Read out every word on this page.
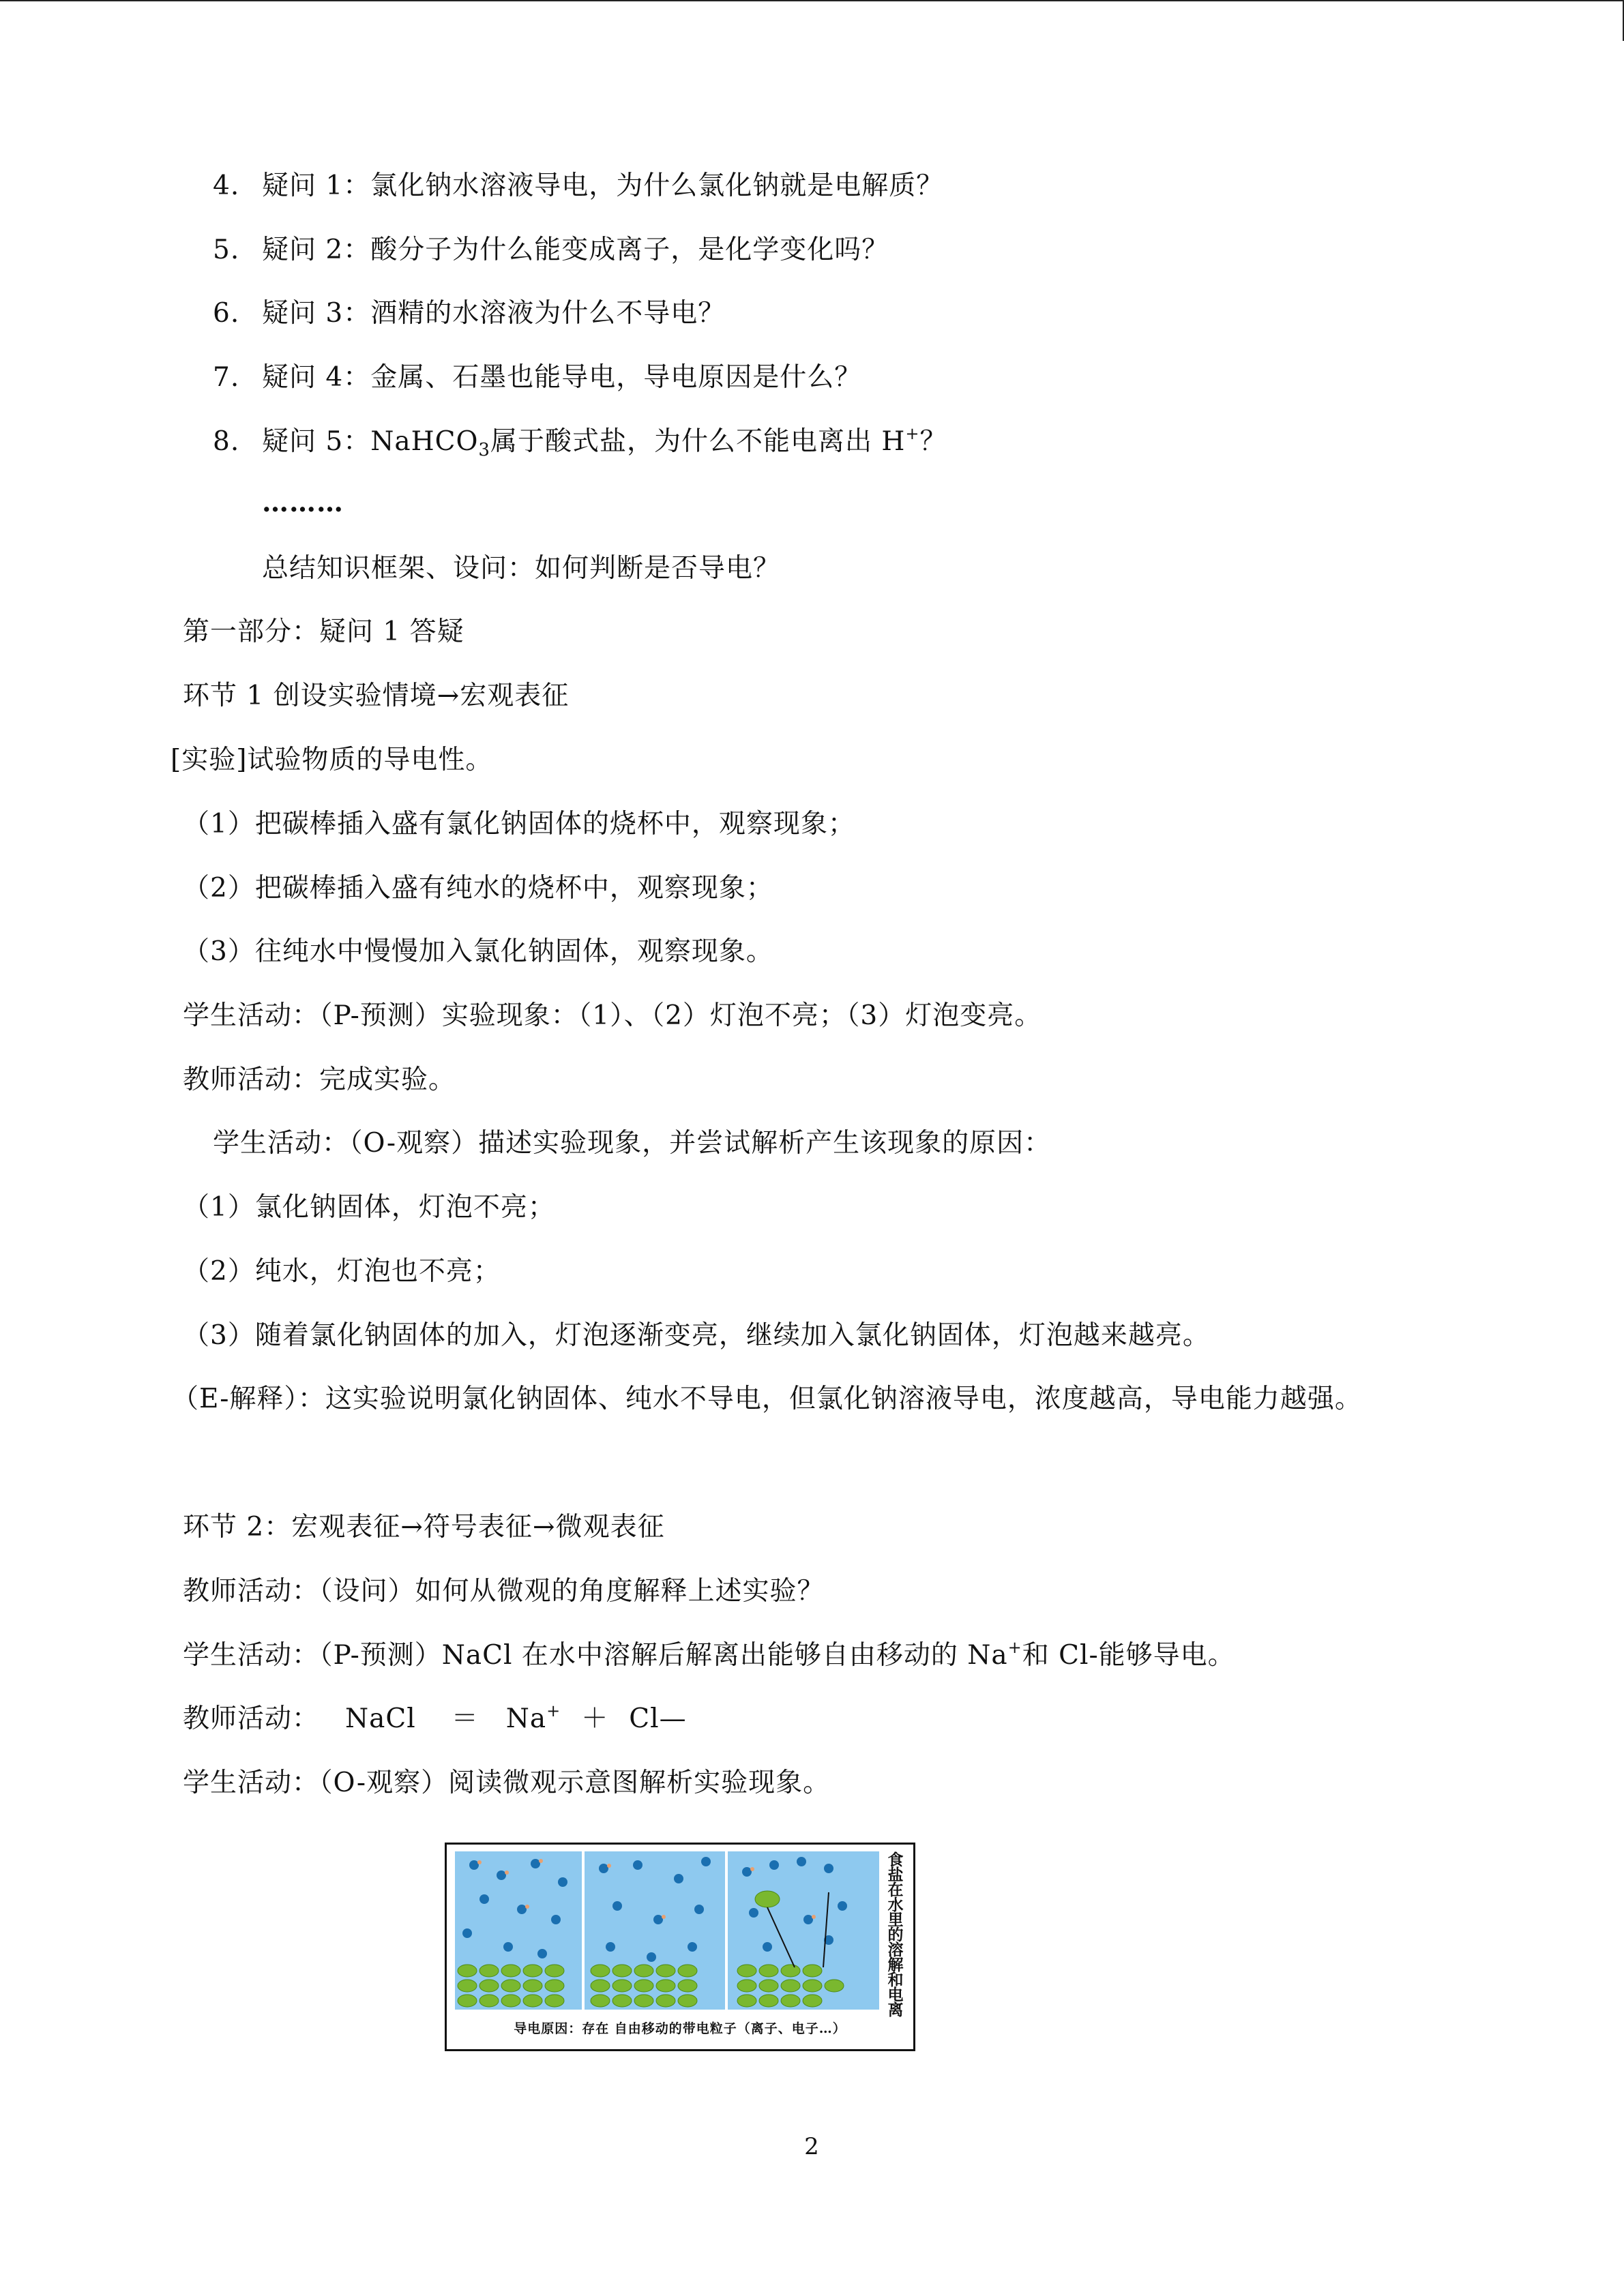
4. 疑问 1：氯化钠水溶液导电，为什么氯化钠就是电解质？
5. 疑问 2：酸分子为什么能变成离子，是化学变化吗？
6. 疑问 3：酒精的水溶液为什么不导电？
7. 疑问 4：金属、石墨也能导电，导电原因是什么？
8. 疑问 5：NaHCO$_3$属于酸式盐，为什么不能电离出 H+？
………
总结知识框架、设问：如何判断是否导电？
第一部分：疑问 1 答疑
环节 1 创设实验情境→宏观表征
[实验]试验物质的导电性。
（1）把碳棒插入盛有氯化钠固体的烧杯中，观察现象；
（2）把碳棒插入盛有纯水的烧杯中，观察现象；
（3）往纯水中慢慢加入氯化钠固体，观察现象。
学生活动：（P-预测）实验现象：（1）、（2）灯泡不亮；（3）灯泡变亮。
教师活动：完成实验。
学生活动：（O-观察）描述实验现象，并尝试解析产生该现象的原因：
（1）氯化钠固体，灯泡不亮；
（2）纯水，灯泡也不亮；
（3）随着氯化钠固体的加入，灯泡逐渐变亮，继续加入氯化钠固体，灯泡越来越亮。
（E-解释）：这实验说明氯化钠固体、纯水不导电，但氯化钠溶液导电，浓度越高，导电能力越强。
环节 2：宏观表征→符号表征→微观表征
教师活动：（设问）如何从微观的角度解释上述实验？
学生活动：（P-预测）NaCl 在水中溶解后解离出能够自由移动的 Na+和 Cl-能够导电。
教师活动： NaCl ＝ Na+ ＋ Cl—
学生活动：（O-观察）阅读微观示意图解析实验现象。
食盐在水里的溶解和电离
导电原因：存在 自由移动的带电粒子（离子、电子…）
2
